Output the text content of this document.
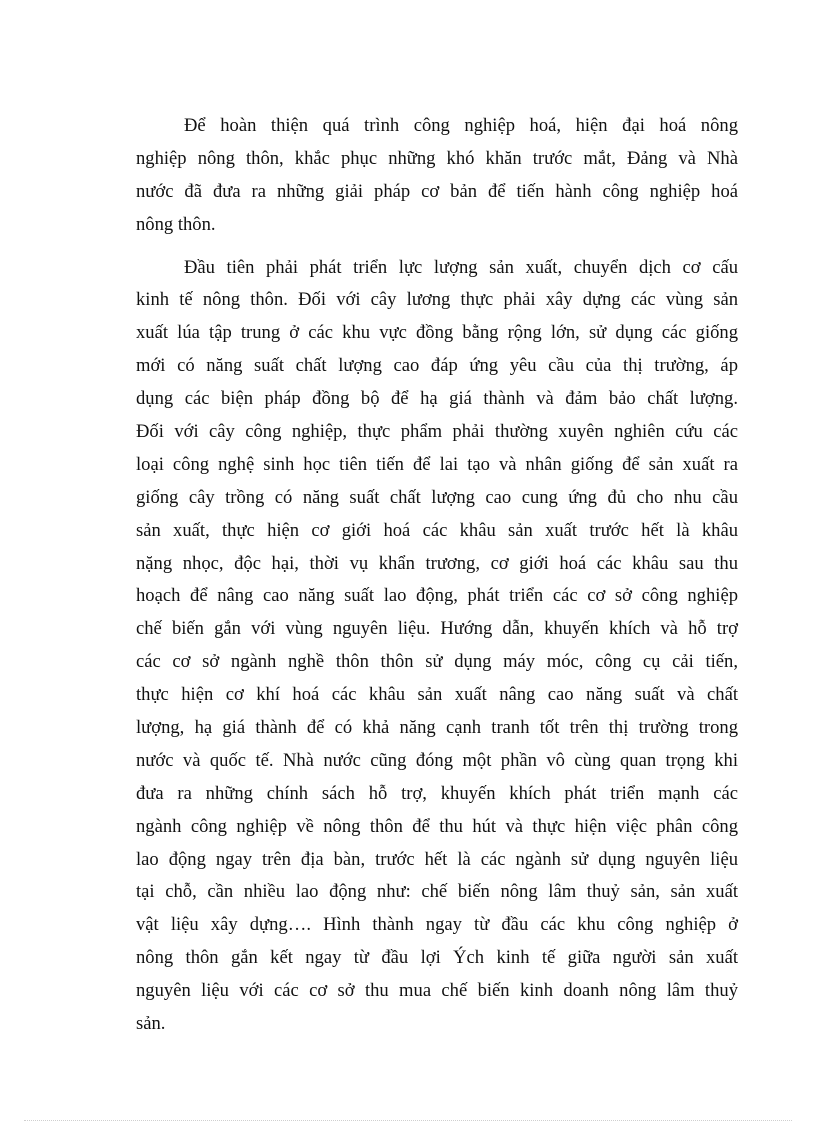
Để hoàn thiện quá trình công nghiệp hoá, hiện đại hoá nông
nghiệp nông thôn, khắc phục những khó khăn trước mắt, Đảng và Nhà
nước đã đưa ra những giải pháp cơ bản để tiến hành công nghiệp hoá
nông thôn.

Đầu tiên phải phát triển lực lượng sản xuất, chuyển dịch cơ cấu
kinh tế nông thôn. Đối với cây lương thực phải xây dựng các vùng sản
xuất lúa tập trung ở các khu vực đồng bằng rộng lớn, sử dụng các giống
mới có năng suất chất lượng cao đáp ứng yêu cầu của thị trường, áp
dụng các biện pháp đồng bộ để hạ giá thành và đảm bảo chất lượng.
Đối với cây công nghiệp, thực phẩm phải thường xuyên nghiên cứu các
loại công nghệ sinh học tiên tiến để lai tạo và nhân giống để sản xuất ra
giống cây trồng có năng suất chất lượng cao cung ứng đủ cho nhu cầu
sản xuất, thực hiện cơ giới hoá các khâu sản xuất trước hết là khâu
nặng nhọc, độc hại, thời vụ khẩn trương, cơ giới hoá các khâu sau thu
hoạch để nâng cao năng suất lao động, phát triển các cơ sở công nghiệp
chế biến gắn với vùng nguyên liệu. Hướng dẫn, khuyến khích và hỗ trợ
các cơ sở ngành nghề thôn thôn sử dụng máy móc, công cụ cải tiến,
thực hiện cơ khí hoá các khâu sản xuất nâng cao năng suất và chất
lượng, hạ giá thành để có khả năng cạnh tranh tốt trên thị trường trong
nước và quốc tế. Nhà nước cũng đóng một phần vô cùng quan trọng khi
đưa ra những chính sách hỗ trợ, khuyến khích phát triển mạnh các
ngành công nghiệp về nông thôn để thu hút và thực hiện việc phân công
lao động ngay trên địa bàn, trước hết là các ngành sử dụng nguyên liệu
tại chỗ, cần nhiều lao động như: chế biến nông lâm thuỷ sản, sản xuất
vật liệu xây dựng…. Hình thành ngay từ đầu các khu công nghiệp ở
nông thôn gắn kết ngay từ đầu lợi Ých kinh tế giữa người sản xuất
nguyên liệu với các cơ sở thu mua chế biến kinh doanh nông lâm thuỷ
sản.
